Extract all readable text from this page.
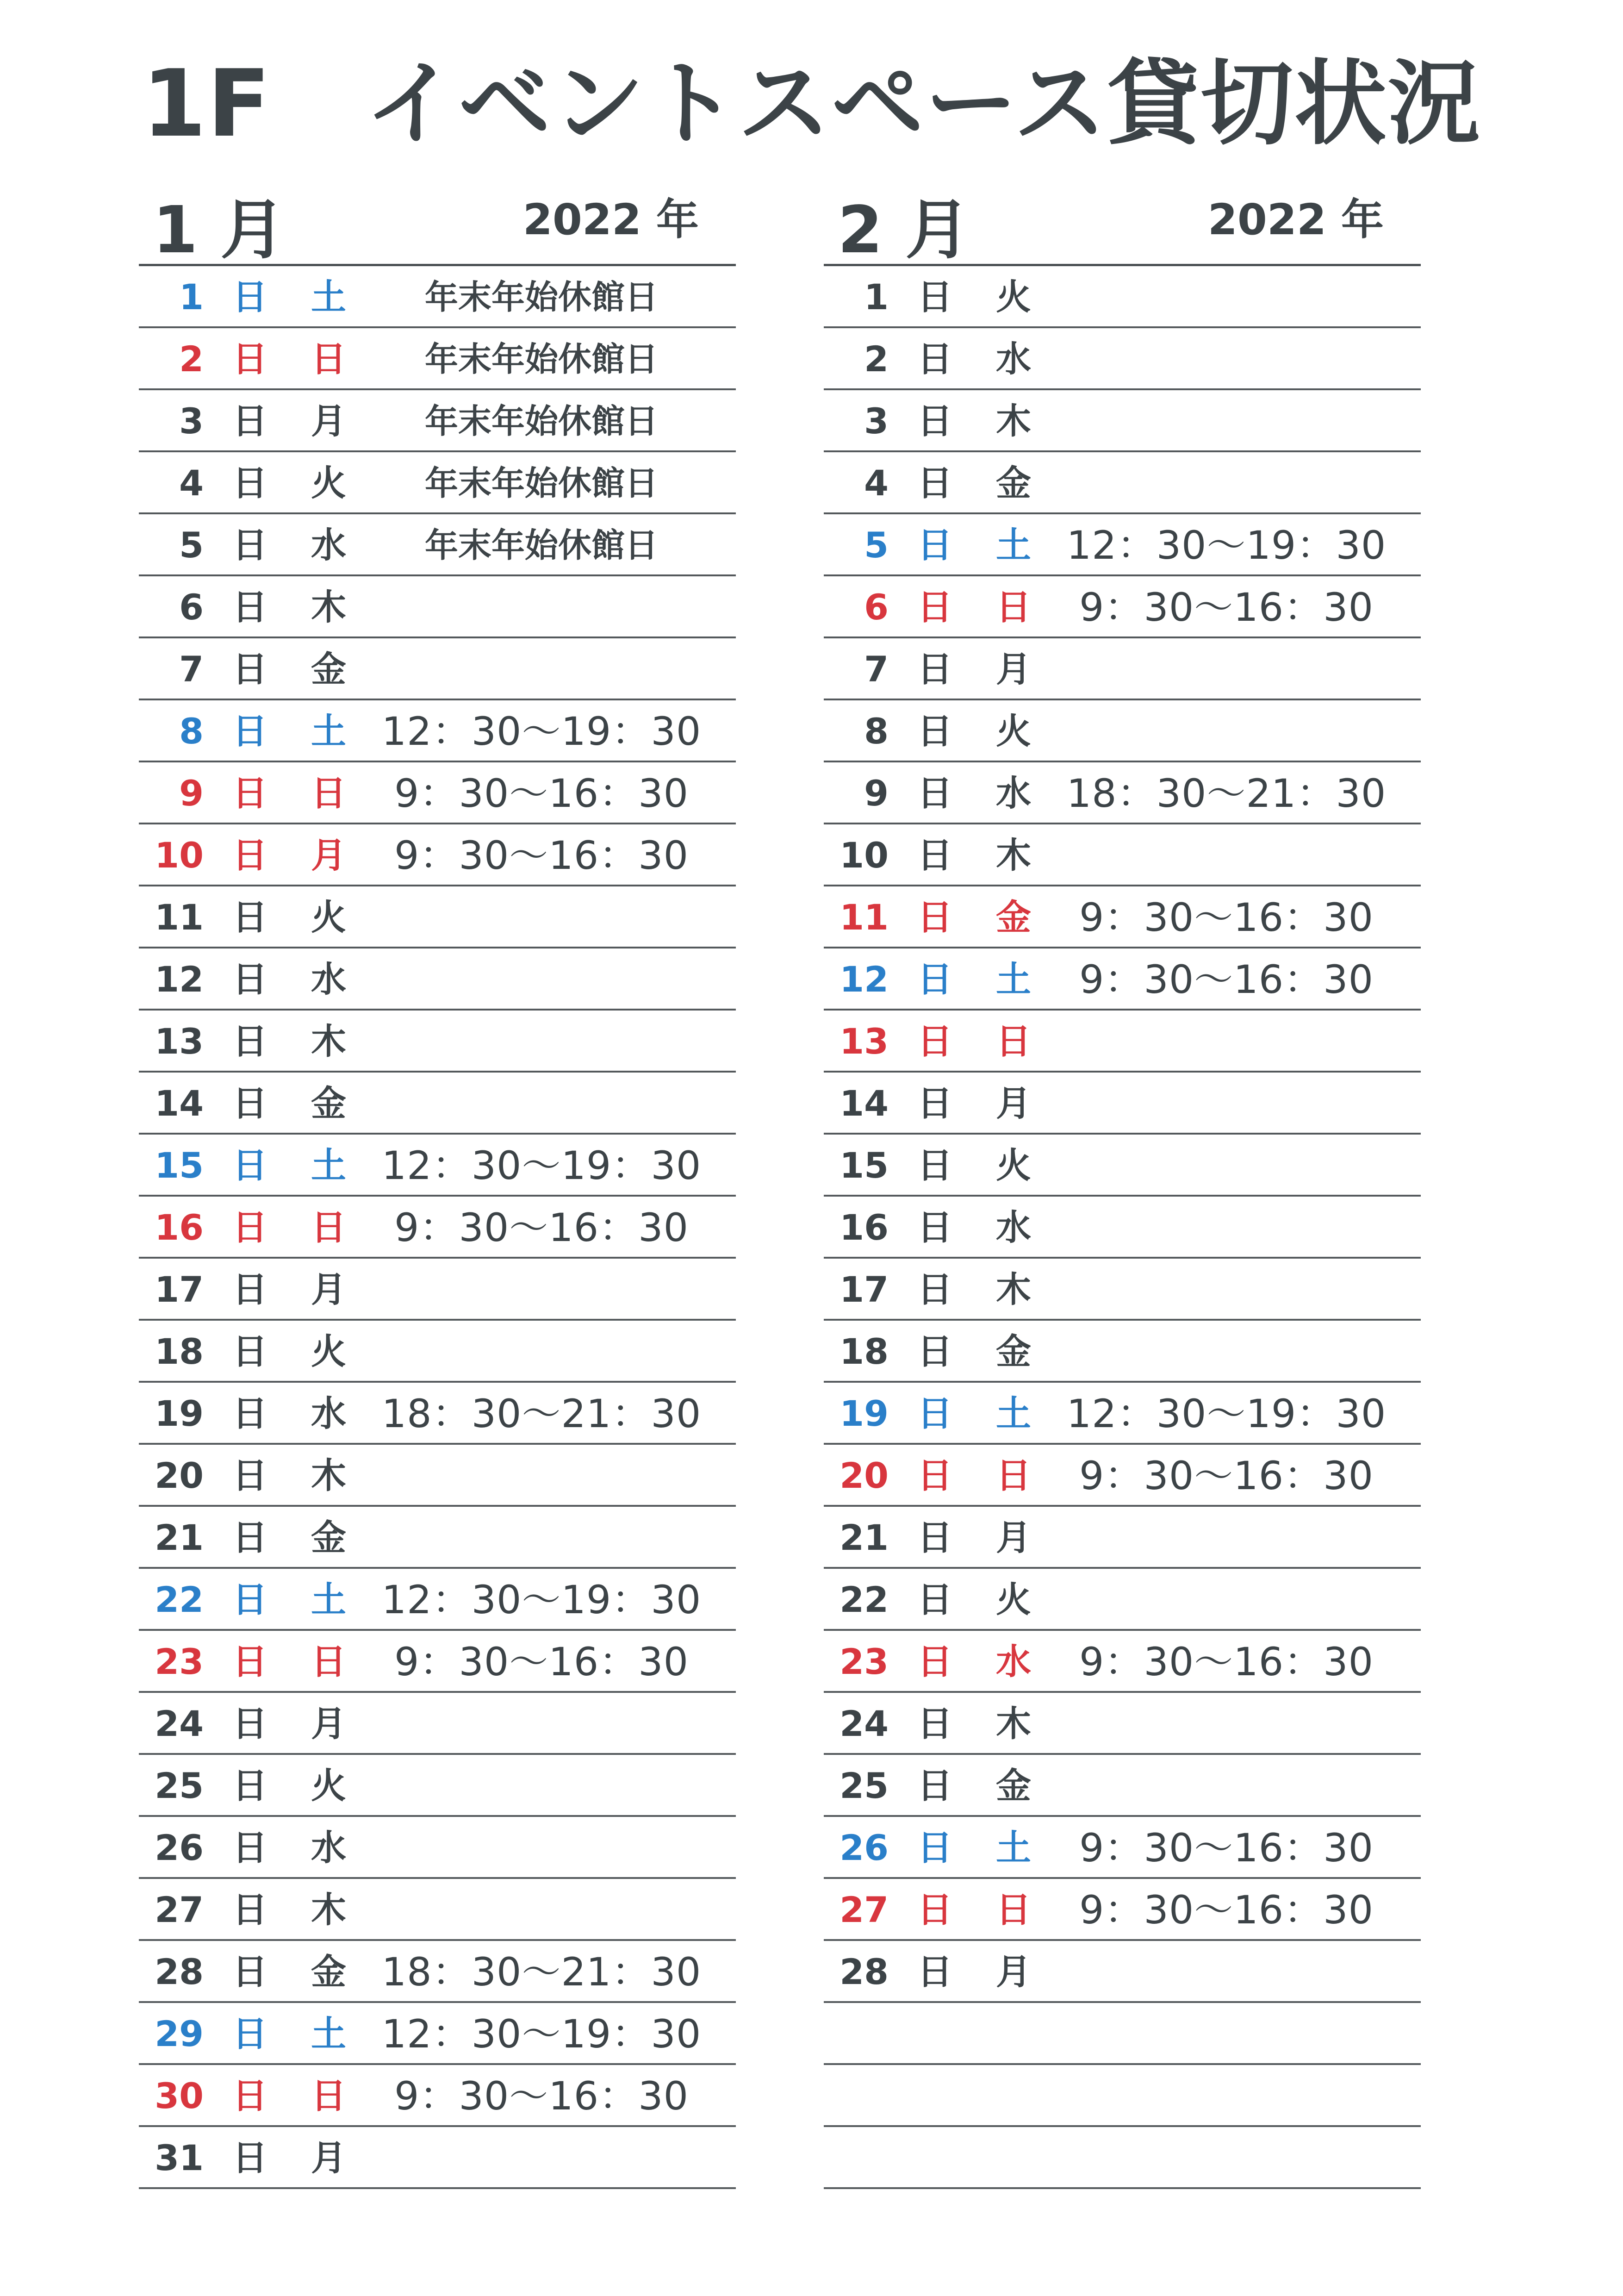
1F　イベントスペース貸切状況
1 月	2022 年
1 日 土	年末年始休館日
2 日 日	年末年始休館日
3 日 月	年末年始休館日
4 日 火	年末年始休館日
5 日 水	年末年始休館日
6 日 木
7 日 金
8 日 土 12：30～19：30
9 日 日	9：30～16：30
10 日 月	9：30～16：30
11 日 火
12 日 水
13 日 木
14 日 金
15 日 土 12：30～19：30
16 日 日	9：30～16：30
17 日 月
18 日 火
19 日 水 18：30～21：30
20 日 木
21 日 金
22 日 土 12：30～19：30
23 日 日	9：30～16：30
24 日 月
25 日 火
26 日 水
27 日 木
28 日 金 18：30～21：30
29 日 土 12：30～19：30
30 日 日	9：30～16：30
31 日 月
2 月	2022 年
1 日 火
2 日 水
3 日 木
4 日 金
5 日 土 12：30～19：30
6 日 日	9：30～16：30
7 日 月
8 日 火
9 日 水 18：30～21：30
10 日 木
11 日 金	9：30～16：30
12 日 土	9：30～16：30
13 日 日
14 日 月
15 日 火
16 日 水
17 日 木
18 日 金
19 日 土 12：30～19：30
20 日 日	9：30～16：30
21 日 月
22 日 火
23 日 水	9：30～16：30
24 日 木
25 日 金
26 日 土	9：30～16：30
27 日 日	9：30～16：30
28 日 月
